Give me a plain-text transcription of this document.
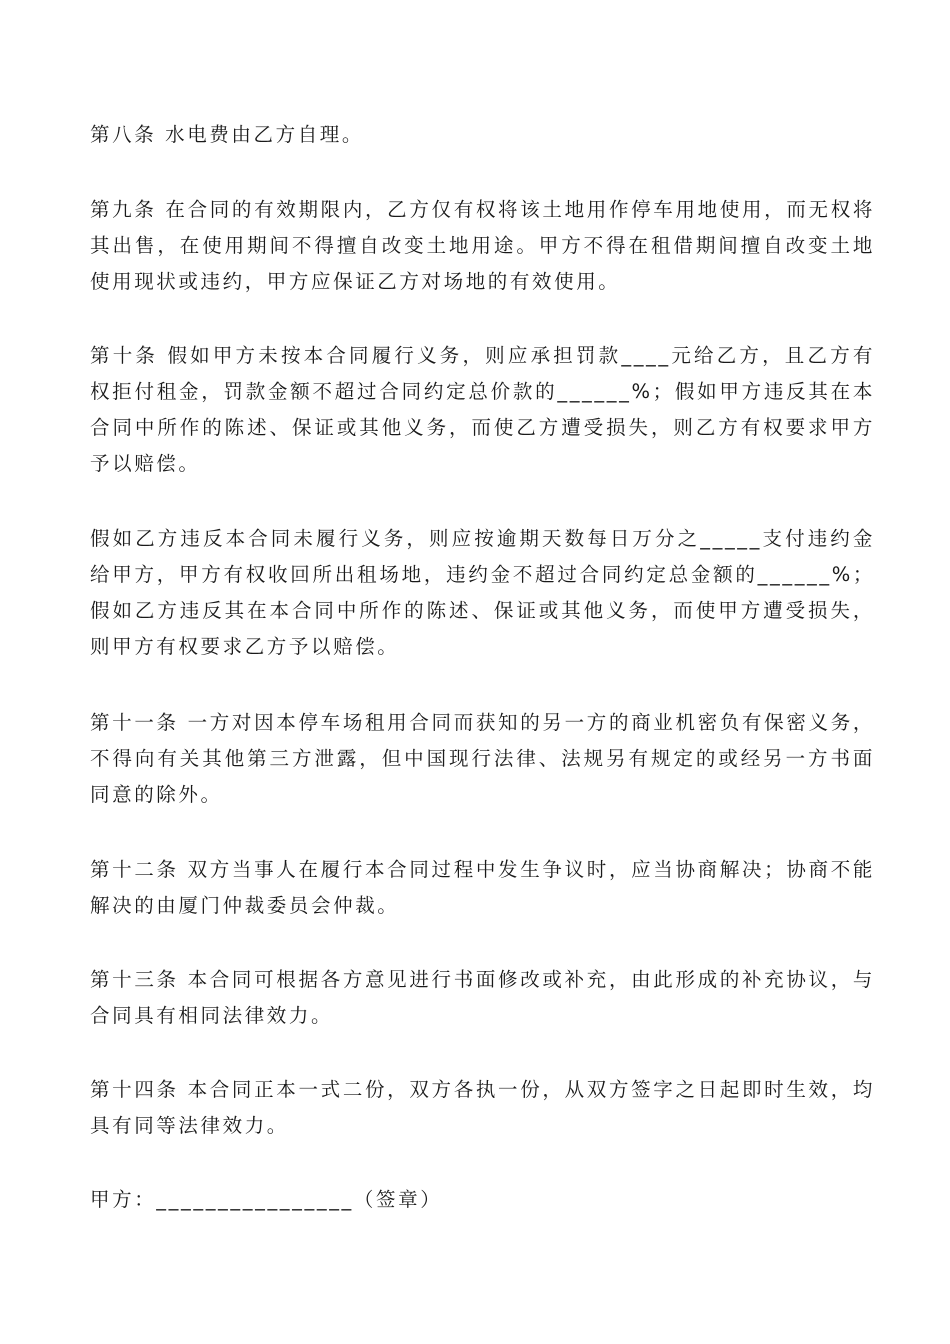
第八条 水电费由乙方自理。

第九条 在合同的有效期限内，乙方仅有权将该土地用作停车用地使用，而无权将其出售，在使用期间不得擅自改变土地用途。甲方不得在租借期间擅自改变土地使用现状或违约，甲方应保证乙方对场地的有效使用。

第十条 假如甲方未按本合同履行义务，则应承担罚款____元给乙方，且乙方有权拒付租金，罚款金额不超过合同约定总价款的______%；假如甲方违反其在本合同中所作的陈述、保证或其他义务，而使乙方遭受损失，则乙方有权要求甲方予以赔偿。

假如乙方违反本合同未履行义务，则应按逾期天数每日万分之_____支付违约金给甲方，甲方有权收回所出租场地，违约金不超过合同约定总金额的______%；假如乙方违反其在本合同中所作的陈述、保证或其他义务，而使甲方遭受损失，则甲方有权要求乙方予以赔偿。

第十一条 一方对因本停车场租用合同而获知的另一方的商业机密负有保密义务，不得向有关其他第三方泄露，但中国现行法律、法规另有规定的或经另一方书面同意的除外。

第十二条 双方当事人在履行本合同过程中发生争议时，应当协商解决；协商不能解决的由厦门仲裁委员会仲裁。

第十三条 本合同可根据各方意见进行书面修改或补充，由此形成的补充协议，与合同具有相同法律效力。

第十四条 本合同正本一式二份，双方各执一份，从双方签字之日起即时生效，均具有同等法律效力。

甲方：________________（签章）
